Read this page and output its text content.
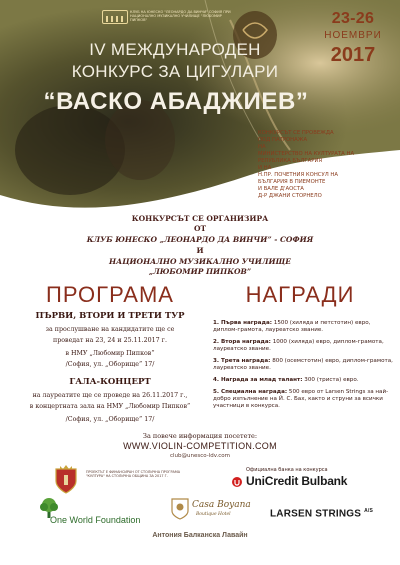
КЛУБ НА ЮНЕСКО "ЛЕОНАРДО ДА ВИНЧИ" СОФИЯ ПРИ НАЦИОНАЛНО МУЗИКАЛНО УЧИЛИЩЕ "ЛЮБОМИР ПИПКОВ"	23-26
НОЕМВРИ
2017
IV МЕЖДУНАРОДЕН
КОНКУРС ЗА ЦИГУЛАРИ
“ВАСКО АБАДЖИЕВ”
КОНКУРСЪТ СЕ ПРОВЕЖДА
ПОД ПАТРОНАЖА
НА
МИНИСТЕРСТВО НА КУЛТУРАТА НА
РЕПУБЛИКА БЪЛГАРИЯ
И НА
Н.ПР. ПОЧЕТНИЯ КОНСУЛ НА
БЪЛГАРИЯ В ПИЕМОНТЕ
И ВАЛЕ Д'АОСТА
Д-Р ДЖАНИ СТОРНЕЛО
КОНКУРСЪТ СЕ ОРГАНИЗИРА
ОТ
КЛУБ ЮНЕСКО „ЛЕОНАРДО ДА ВИНЧИ” - СОФИЯ
И
НАЦИОНАЛНО МУЗИКАЛНО УЧИЛИЩЕ
„ЛЮБОМИР ПИПКОВ”
ПРОГРАМА
ПЪРВИ, ВТОРИ И ТРЕТИ ТУР
за прослушване на кандидатите ще се
проведат на 23, 24 и 25.11.2017 г.
в НМУ „Любомир Пипков”
/София, ул. „Оборище” 17/
ГАЛА-КОНЦЕРТ
на лауреатите ще се проведе на 26.11.2017 г.,
в концертната зала на НМУ „Любомир Пипков”
/София, ул. „Оборище” 17/
НАГРАДИ
1. Първа награда: 1500 (хиляда и петстотин) евро, диплом-грамота, лауреатско звание.
2. Втора награда: 1000 (хиляда) евро, диплом-грамота, лауреатско звание.
3. Трета награда: 800 (осемстотин) евро, диплом-грамота, лауреатско звание.
4. Награда за млад талант: 300 (триста) евро.
5. Специална награда: 500 евро от Larsen Strings за най-добро изпълнение на Й. С. Бах, както и струни за всички участници в конкурса.
За повече информация посетете:
WWW.VIOLIN-COMPETITION.COM
club@unesco-ldv.com
ПРОЕКТЪТ Е ФИНАНСИРАН ОТ СТОЛИЧНА ПРОГРАМА "КУЛТУРА" НА СТОЛИЧНА ОБЩИНА ЗА 2017 Г.
Официална банка на конкурса
UniCredit Bulbank
One World Foundation
Casa Boyana
Boutique Hotel	LARSEN STRINGS $^{A/S}$
Антония Балканска Лавайн
